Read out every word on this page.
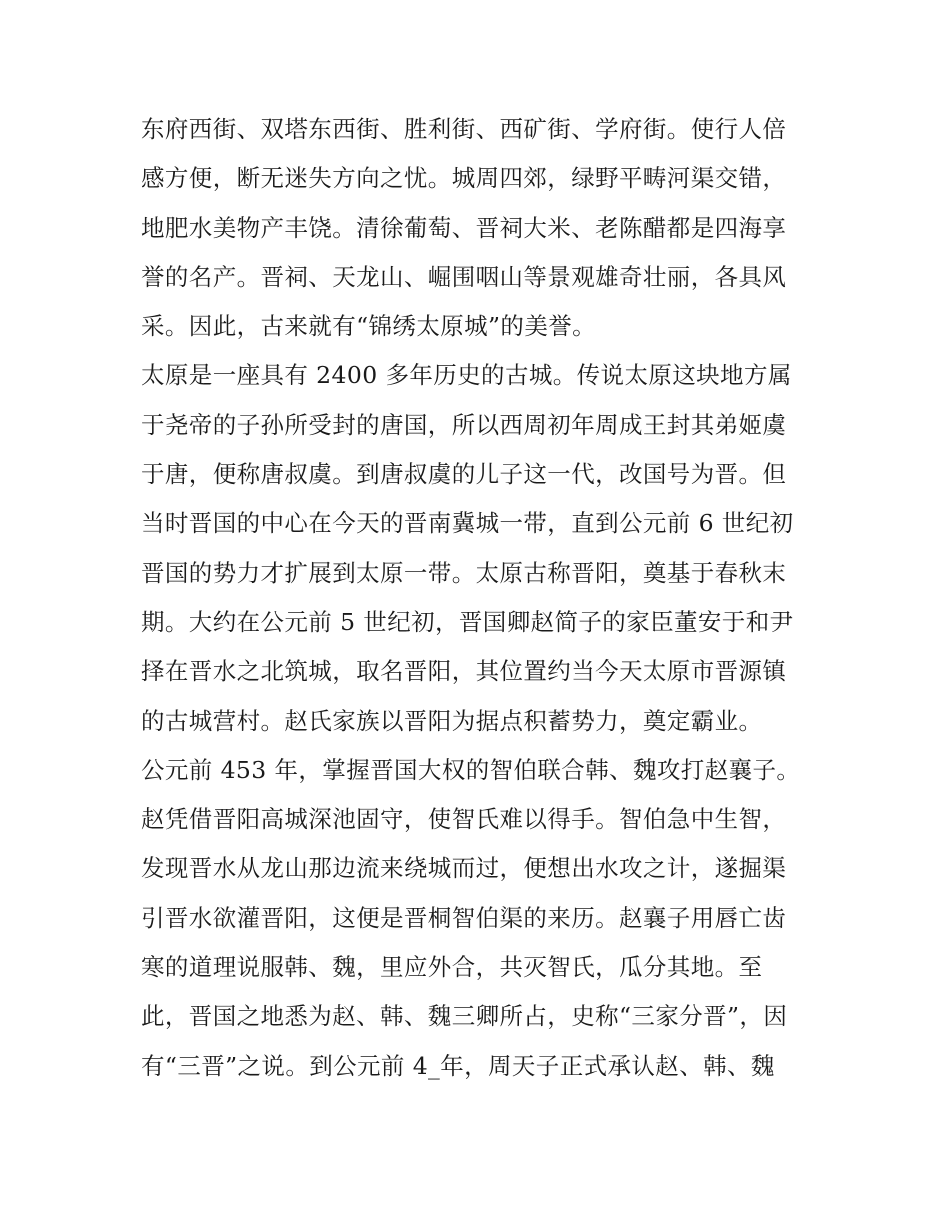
东府西街、双塔东西街、胜利街、西矿街、学府街。使行人倍
感方便，断无迷失方向之忧。城周四郊，绿野平畴河渠交错，
地肥水美物产丰饶。清徐葡萄、晋祠大米、老陈醋都是四海享
誉的名产。晋祠、天龙山、崛围咽山等景观雄奇壮丽，各具风
采。因此，古来就有“锦绣太原城”的美誉。
太原是一座具有 2400 多年历史的古城。传说太原这块地方属
于尧帝的子孙所受封的唐国，所以西周初年周成王封其弟姬虞
于唐，便称唐叔虞。到唐叔虞的儿子这一代，改国号为晋。但
当时晋国的中心在今天的晋南冀城一带，直到公元前 6 世纪初
晋国的势力才扩展到太原一带。太原古称晋阳，奠基于春秋末
期。大约在公元前 5 世纪初，晋国卿赵简子的家臣董安于和尹
择在晋水之北筑城，取名晋阳，其位置约当今天太原市晋源镇
的古城营村。赵氏家族以晋阳为据点积蓄势力，奠定霸业。
公元前 453 年，掌握晋国大权的智伯联合韩、魏攻打赵襄子。
赵凭借晋阳高城深池固守，使智氏难以得手。智伯急中生智，
发现晋水从龙山那边流来绕城而过，便想出水攻之计，遂掘渠
引晋水欲灌晋阳，这便是晋桐智伯渠的来历。赵襄子用唇亡齿
寒的道理说服韩、魏，里应外合，共灭智氏，瓜分其地。至
此，晋国之地悉为赵、韩、魏三卿所占，史称“三家分晋”，因
有“三晋”之说。到公元前 4_年，周天子正式承认赵、韩、魏
